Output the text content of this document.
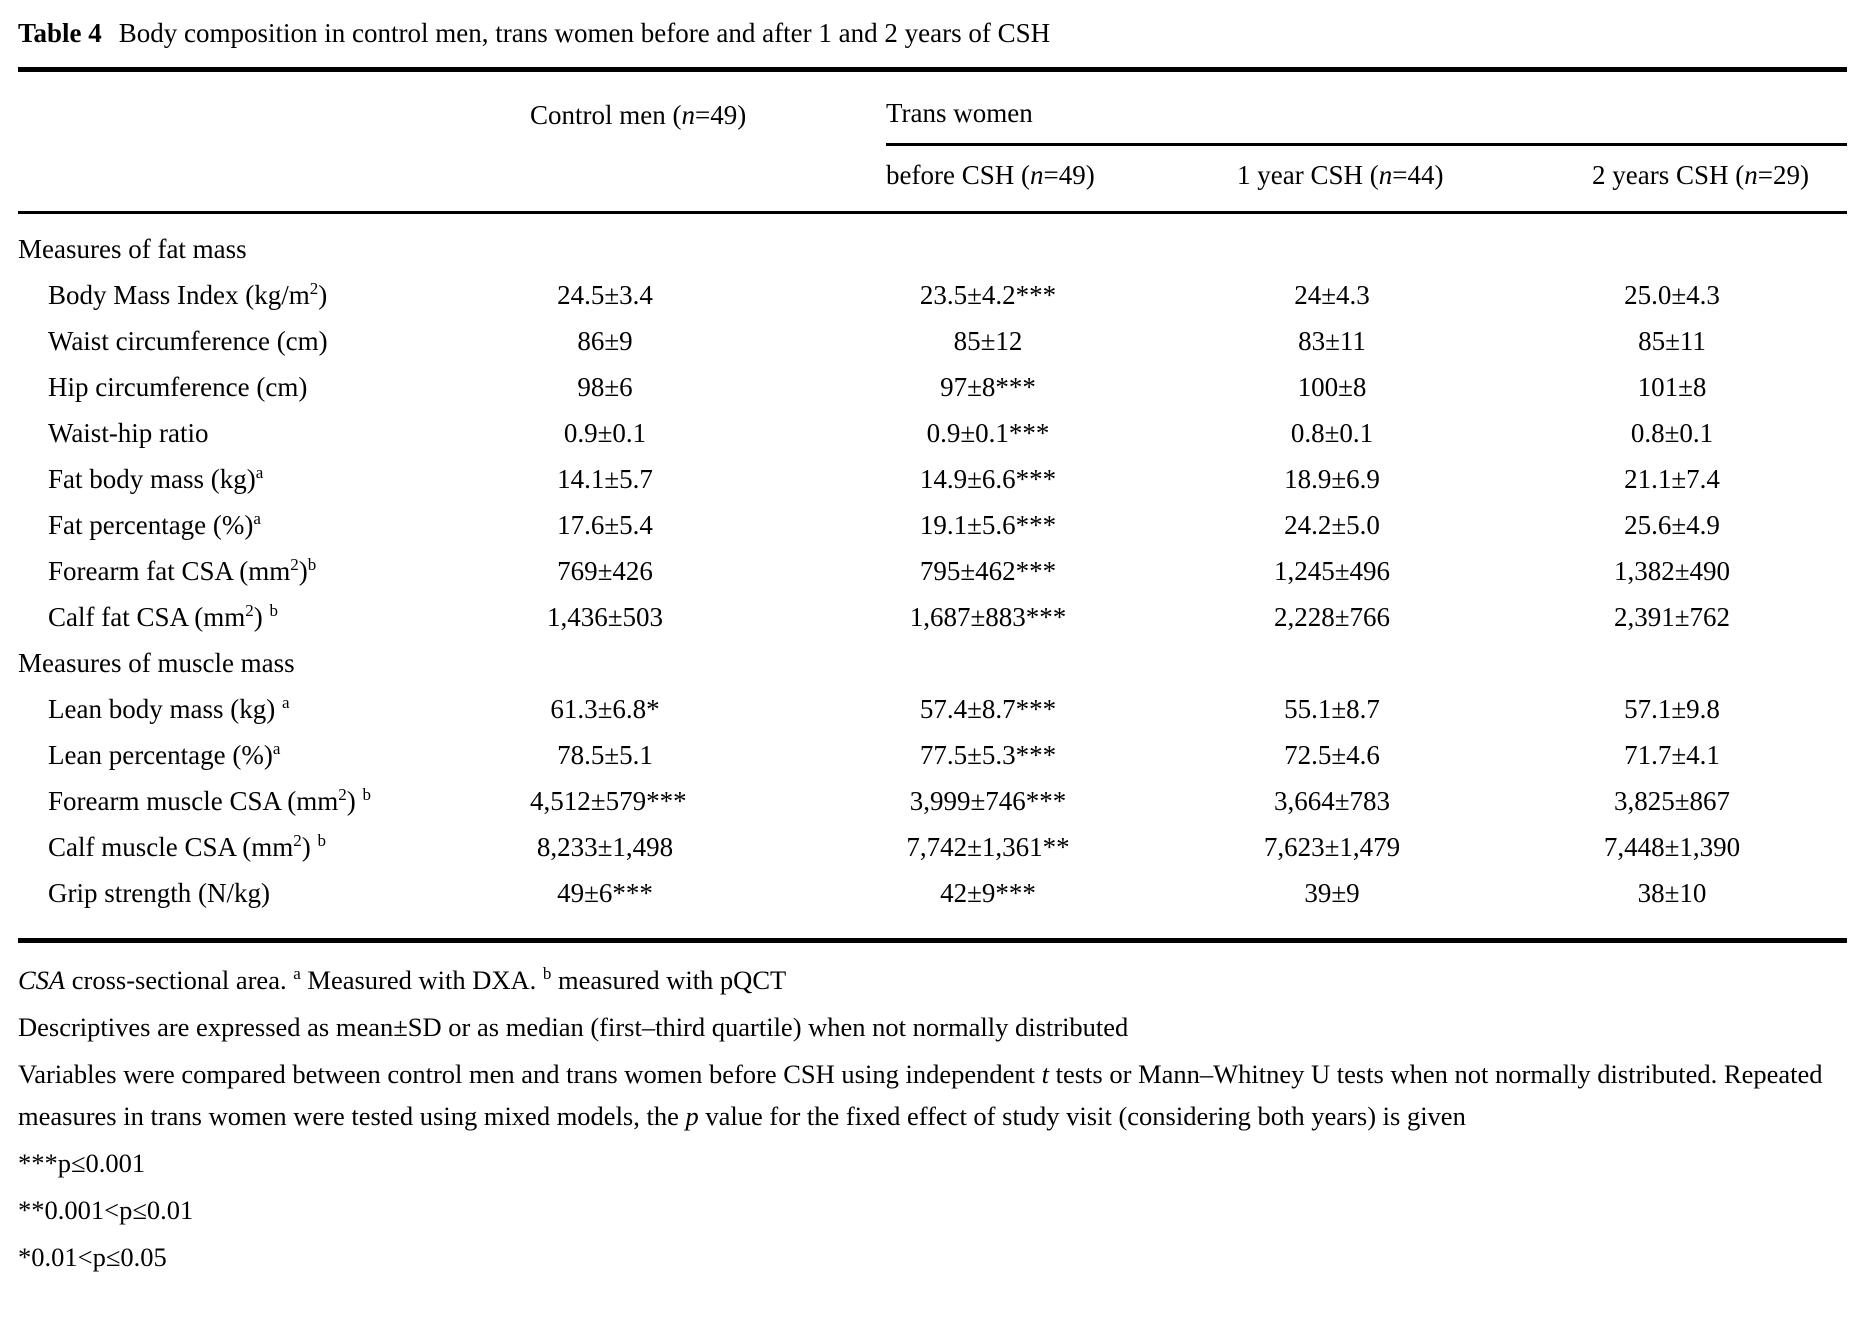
Table 4 Body composition in control men, trans women before and after 1 and 2 years of CSH
	Control men (n=49)	Trans women		
		before CSH (n=49)	1 year CSH (n=44)	2 years CSH (n=29)
Measures of fat mass				
Body Mass Index $(kg/m^2)$	24.5±3.4	23.5±4.2***	24±4.3	25.0±4.3
Waist circumference (cm)	86±9	85±12	83±11	85±11
Hip circumference (cm)	98±6	97±8***	100±8	101±8
Waist-hip ratio	0.9±0.1	0.9±0.1***	0.8±0.1	0.8±0.1
Fat body mass (kg)$^a$	14.1±5.7	14.9±6.6***	18.9±6.9	21.1±7.4
Fat percentage (%)$^a$	17.6±5.4	19.1±5.6***	24.2±5.0	25.6±4.9
Forearm fat CSA $(mm^2)^b$	769±426	795±462***	1,245±496	1,382±490
Calf fat CSA $(mm^2)$ $^b$	1,436±503	1,687±883***	2,228±766	2,391±762
Measures of muscle mass				
Lean body mass (kg) $^a$	61.3±6.8*	57.4±8.7***	55.1±8.7	57.1±9.8
Lean percentage (%)$^a$	78.5±5.1	77.5±5.3***	72.5±4.6	71.7±4.1
Forearm muscle CSA $(mm^2)$ $^b$	4,512±579***	3,999±746***	3,664±783	3,825±867
Calf muscle CSA $(mm^2)$ $^b$	8,233±1,498	7,742±1,361**	7,623±1,479	7,448±1,390
Grip strength (N/kg)	49±6***	42±9***	39±9	38±10
CSA cross-sectional area. $^a$ Measured with DXA. $^b$ measured with pQCT
Descriptives are expressed as mean±SD or as median (first–third quartile) when not normally distributed
Variables were compared between control men and trans women before CSH using independent t tests or Mann–Whitney U tests when not normally distributed. Repeated measures in trans women were tested using mixed models, the p value for the fixed effect of study visit (considering both years) is given
***p≤0.001
**0.001<p≤0.01
*0.01<p≤0.05
